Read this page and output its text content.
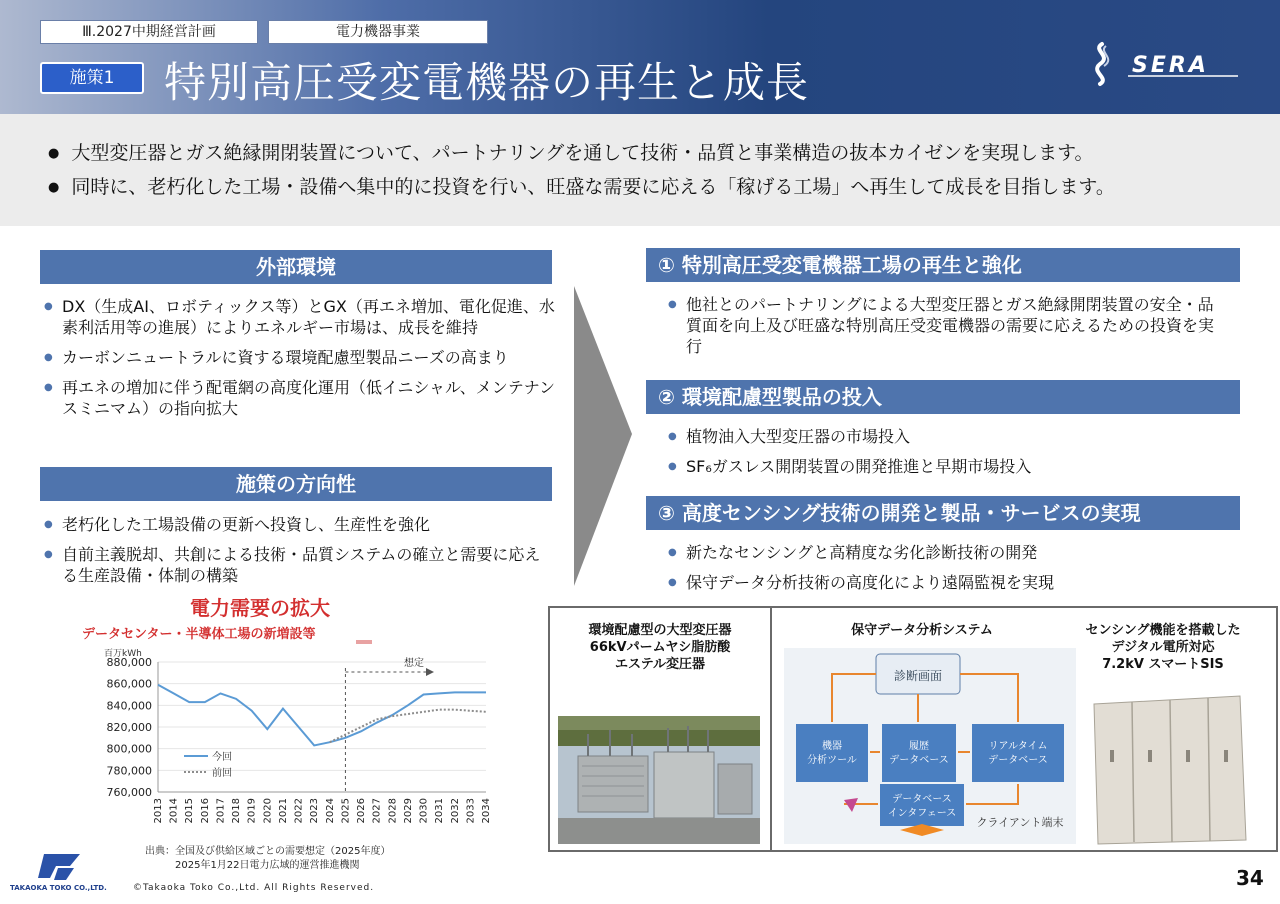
Ⅲ.2027中期経営計画	電力機器事業
施策1	特別高圧受変電機器の再生と成長	SERA
● 大型変圧器とガス絶縁開閉装置について、パートナリングを通して技術・品質と事業構造の抜本カイゼンを実現します。
● 同時に、老朽化した工場・設備へ集中的に投資を行い、旺盛な需要に応える「稼げる工場」へ再生して成長を目指します。
外部環境
● DX（生成AI、ロボティックス等）とGX（再エネ増加、電化促進、水素利活用等の進展）によりエネルギー市場は、成長を維持
● カーボンニュートラルに資する環境配慮型製品ニーズの高まり
● 再エネの増加に伴う配電網の高度化運用（低イニシャル、メンテナンスミニマム）の指向拡大
施策の方向性
● 老朽化した工場設備の更新へ投資し、生産性を強化
● 自前主義脱却、共創による技術・品質システムの確立と需要に応える生産設備・体制の構築
① 特別高圧受変電機器工場の再生と強化
● 他社とのパートナリングによる大型変圧器とガス絶縁開閉装置の安全・品質面を向上及び旺盛な特別高圧受変電機器の需要に応えるための投資を実行
② 環境配慮型製品の投入
● 植物油入大型変圧器の市場投入
● SF₆ガスレス開閉装置の開発推進と早期市場投入
③ 高度センシング技術の開発と製品・サービスの実現
● 新たなセンシングと高精度な劣化診断技術の開発
● 保守データ分析技術の高度化により遠隔監視を実現
電力需要の拡大
データセンター・半導体工場の新増設等
百万kWh
880,000
860,000
840,000
820,000
800,000
780,000
760,000
2013 2014 2015 2016 2017 2018 2019 2020 2021 2022 2023 2024 2025 2026 2027 2028 2029 2030 2031 2032 2033 2034
想定
今回
前回
出典：全国及び供給区域ごとの需要想定（2025年度）
2025年1月22日電力広域的運営推進機関
環境配慮型の大型変圧器
66kVパームヤシ脂肪酸
エステル変圧器
保守データ分析システム	センシング機能を搭載した
デジタル電所対応
7.2kV スマートSIS
診断画面
機器
分析ツール
履歴
データベース
リアルタイム
データベース
データベース
インタフェース
クライアント端末
TAKAOKA TOKO CO.,LTD.	©Takaoka Toko Co.,Ltd. All Rights Reserved.	34
